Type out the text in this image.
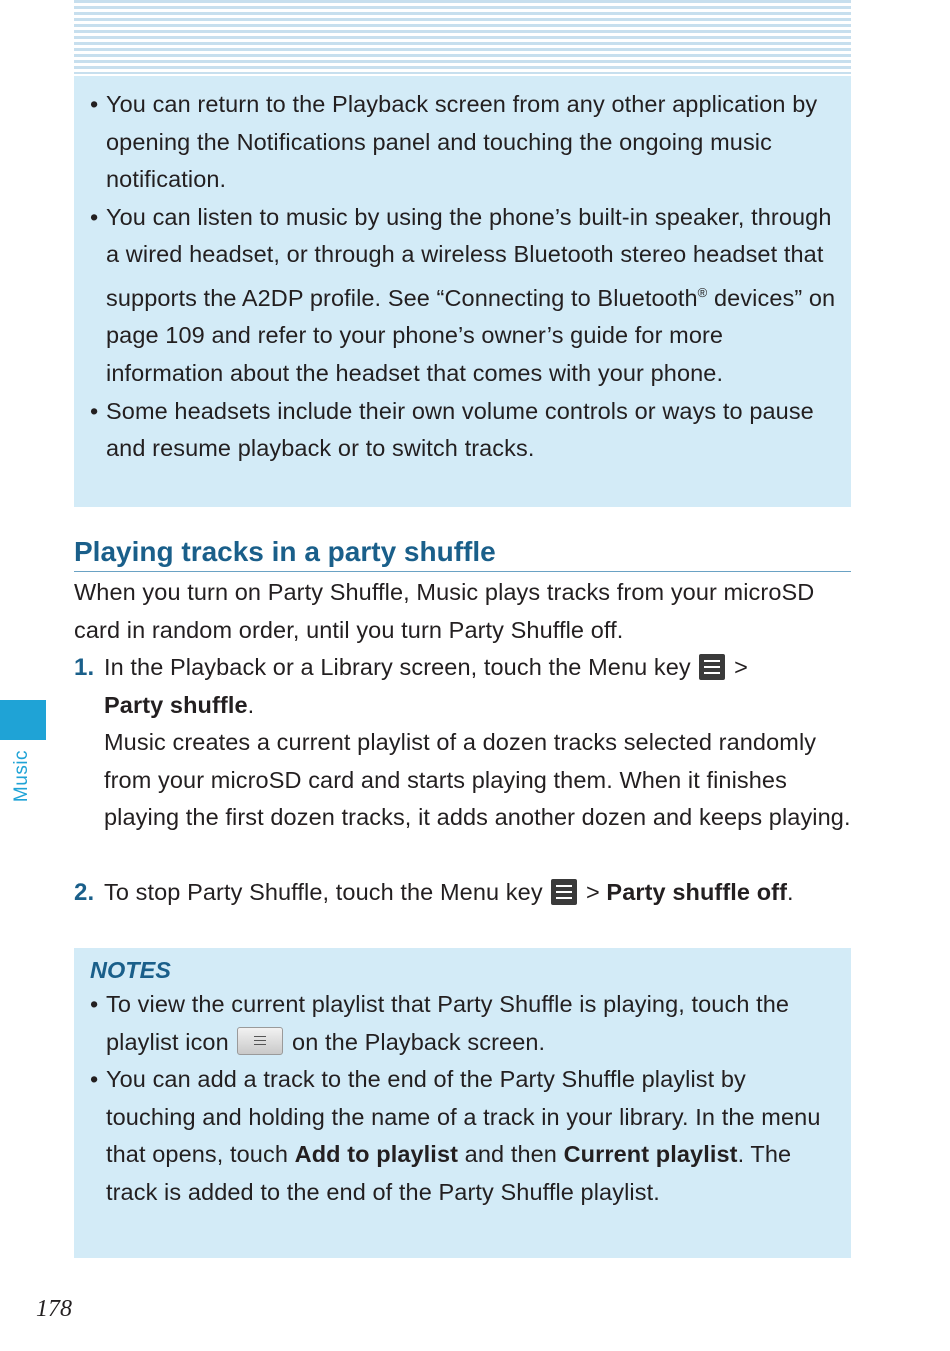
• You can return to the Playback screen from any other application by opening the Notifications panel and touching the ongoing music notification.
• You can listen to music by using the phone’s built-in speaker, through a wired headset, or through a wireless Bluetooth stereo headset that supports the A2DP profile. See “Connecting to Bluetooth® devices” on page 109 and refer to your phone’s owner’s guide for more information about the headset that comes with your phone.
• Some headsets include their own volume controls or ways to pause and resume playback or to switch tracks.
Playing tracks in a party shuffle
When you turn on Party Shuffle, Music plays tracks from your microSD card in random order, until you turn Party Shuffle off.
1. In the Playback or a Library screen, touch the Menu key >
Party shuffle.
Music creates a current playlist of a dozen tracks selected randomly from your microSD card and starts playing them. When it finishes playing the first dozen tracks, it adds another dozen and keeps playing.
2. To stop Party Shuffle, touch the Menu key > Party shuffle off.
NOTES
• To view the current playlist that Party Shuffle is playing, touch the playlist icon
on the Playback screen.
• You can add a track to the end of the Party Shuffle playlist by touching and holding the name of a track in your library. In the menu that opens, touch Add to playlist and then Current playlist. The track is added to the end of the Party Shuffle playlist.
Music
178
